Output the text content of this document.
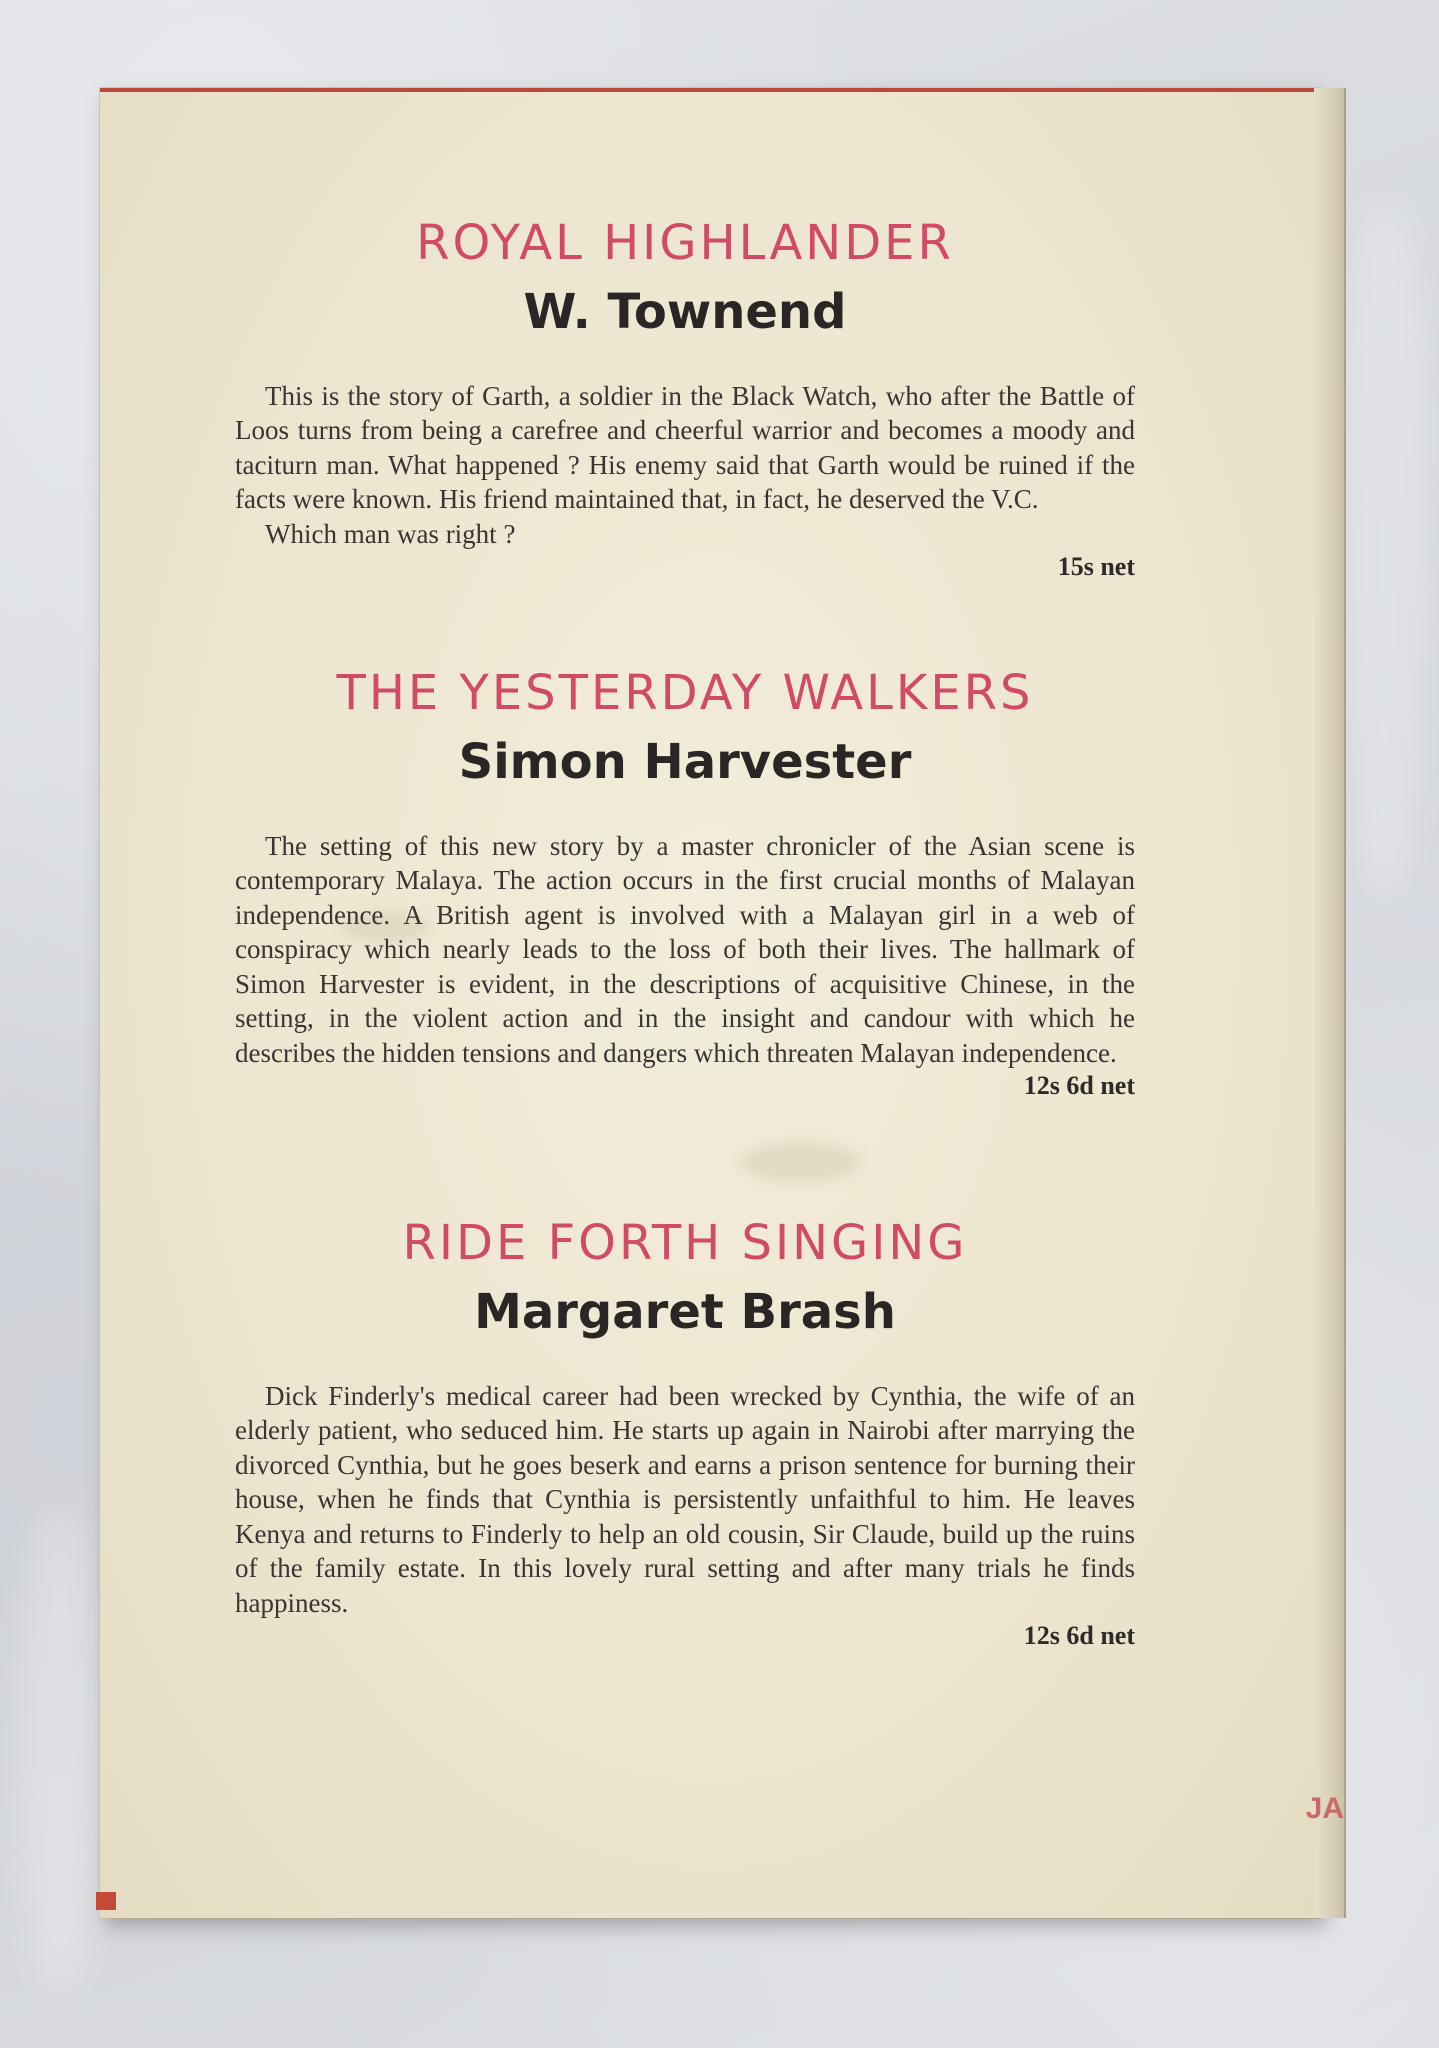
JA
ROYAL HIGHLANDER
W. Townend

This is the story of Garth, a soldier in the Black Watch, who after the Battle of Loos turns from being a carefree and cheerful warrior and becomes a moody and taciturn man. What happened ? His enemy said that Garth would be ruined if the facts were known. His friend maintained that, in fact, he deserved the V.C.

Which man was right ?

15s net

THE YESTERDAY WALKERS
Simon Harvester

The setting of this new story by a master chronicler of the Asian scene is contemporary Malaya. The action occurs in the first crucial months of Malayan independence. A British agent is involved with a Malayan girl in a web of conspiracy which nearly leads to the loss of both their lives. The hallmark of Simon Harvester is evident, in the descriptions of acquisitive Chinese, in the setting, in the violent action and in the insight and candour with which he describes the hidden tensions and dangers which threaten Malayan independence.

12s 6d net

RIDE FORTH SINGING
Margaret Brash

Dick Finderly's medical career had been wrecked by Cynthia, the wife of an elderly patient, who seduced him. He starts up again in Nairobi after marrying the divorced Cynthia, but he goes beserk and earns a prison sentence for burning their house, when he finds that Cynthia is persistently unfaithful to him. He leaves Kenya and returns to Finderly to help an old cousin, Sir Claude, build up the ruins of the family estate. In this lovely rural setting and after many trials he finds happiness.

12s 6d net
